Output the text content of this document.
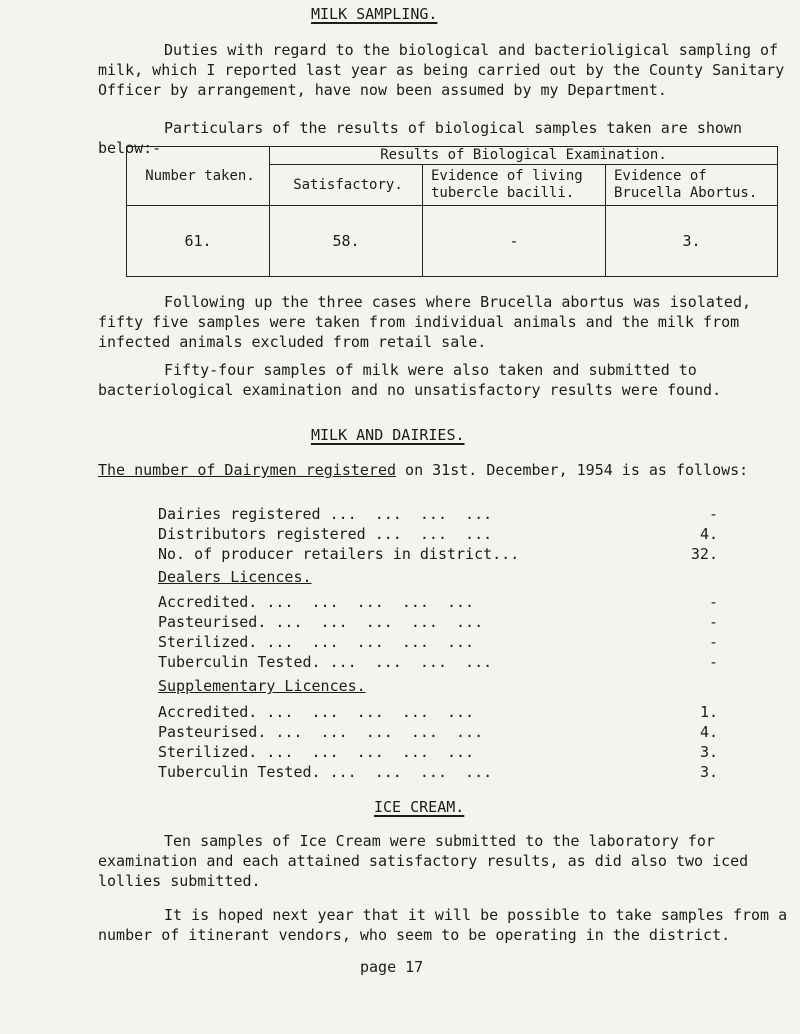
MILK SAMPLING.

Duties with regard to the biological and bacterioligical sampling of milk, which I reported last year as being carried out by the County Sanitary Officer by arrangement, have now been assumed by my Department.

Particulars of the results of biological samples taken are shown below:-

Number taken.	Results of Biological Examination.		
	Satisfactory.	Evidence of living tubercle bacilli.	Evidence of Brucella Abortus.
61.	58.	-	3.

Following up the three cases where Brucella abortus was isolated, fifty five samples were taken from individual animals and the milk from infected animals excluded from retail sale.

Fifty-four samples of milk were also taken and submitted to bacteriological examination and no unsatisfactory results were found.

MILK AND DAIRIES.
The number of Dairymen registered on 31st. December, 1954 is as follows:
Dairies registered ...  ...  ...  ...	-
Distributors registered ...  ...  ...	4.
No. of producer retailers in district...	32.
Dealers Licences.
Accredited. ...  ...  ...  ...  ...	-
Pasteurised. ...  ...  ...  ...  ...	-
Sterilized. ...  ...  ...  ...  ...	-
Tuberculin Tested. ...  ...  ...  ...	-
Supplementary Licences.
Accredited. ...  ...  ...  ...  ...	1.
Pasteurised. ...  ...  ...  ...  ...	4.
Sterilized. ...  ...  ...  ...  ...	3.
Tuberculin Tested. ...  ...  ...  ...	3.
ICE CREAM.

Ten samples of Ice Cream were submitted to the laboratory for examination and each attained satisfactory results, as did also two iced lollies submitted.

It is hoped next year that it will be possible to take samples from a number of itinerant vendors, who seem to be operating in the district.

page 17
